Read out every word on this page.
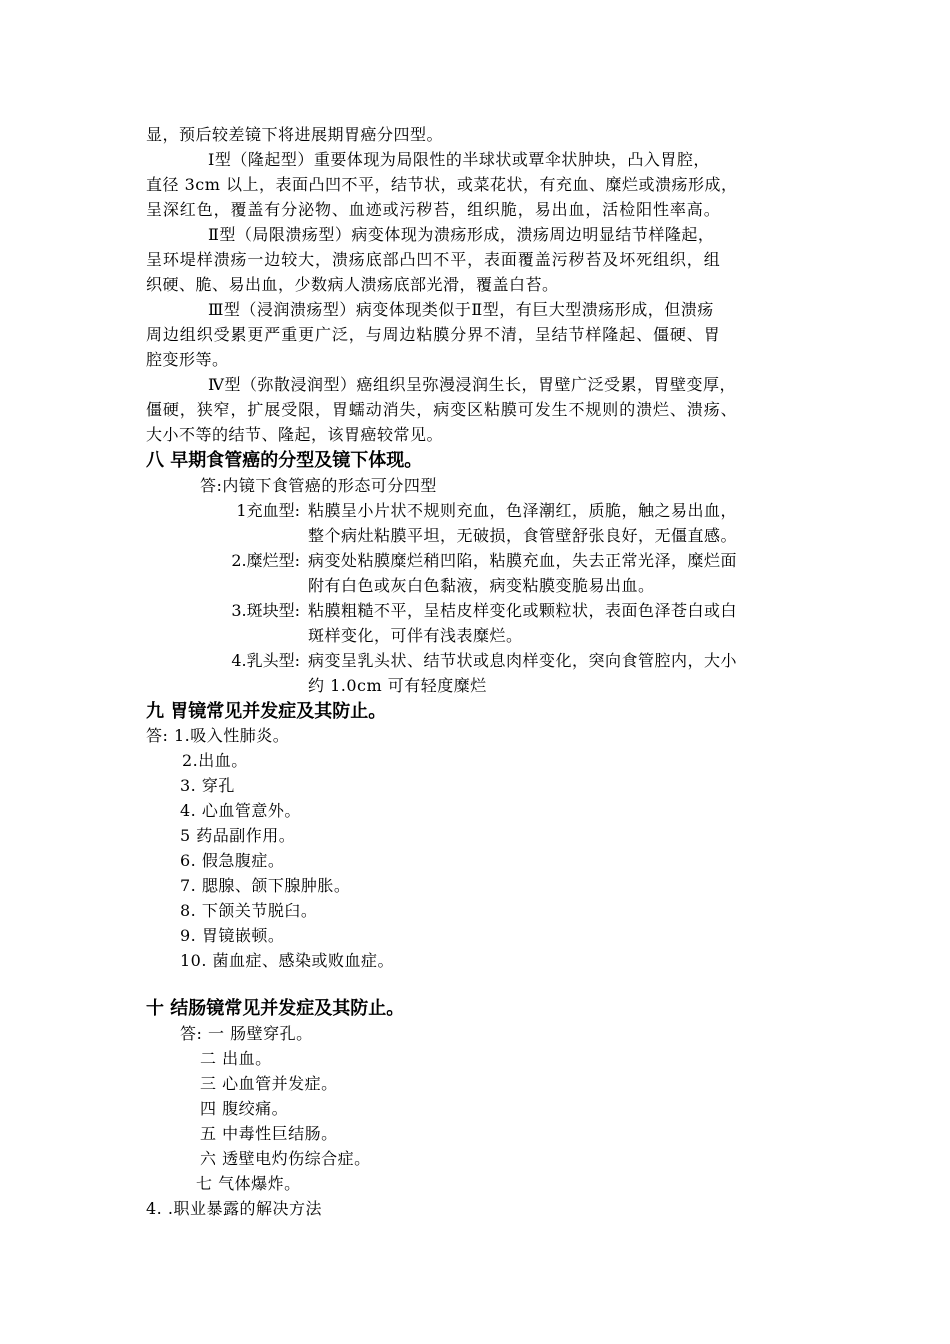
显，预后较差镜下将进展期胃癌分四型。
Ⅰ型（隆起型）重要体现为局限性的半球状或覃伞状肿块，凸入胃腔，
直径 3cm 以上，表面凸凹不平，结节状，或菜花状，有充血、糜烂或溃疡形成，
呈深红色，覆盖有分泌物、血迹或污秽苔，组织脆，易出血，活检阳性率高。
Ⅱ型（局限溃疡型）病变体现为溃疡形成，溃疡周边明显结节样隆起，
呈环堤样溃疡一边较大，溃疡底部凸凹不平，表面覆盖污秽苔及坏死组织，组
织硬、脆、易出血，少数病人溃疡底部光滑，覆盖白苔。
Ⅲ型（浸润溃疡型）病变体现类似于Ⅱ型，有巨大型溃疡形成，但溃疡
周边组织受累更严重更广泛，与周边粘膜分界不清，呈结节样隆起、僵硬、胃
腔变形等。
Ⅳ型（弥散浸润型）癌组织呈弥漫浸润生长，胃壁广泛受累，胃壁变厚，
僵硬，狭窄，扩展受限，胃蠕动消失，病变区粘膜可发生不规则的溃烂、溃疡、
大小不等的结节、隆起，该胃癌较常见。
八 早期食管癌的分型及镜下体现。
答:内镜下食管癌的形态可分四型
1充血型: 粘膜呈小片状不规则充血，色泽潮红，质脆，触之易出血，
整个病灶粘膜平坦，无破损，食管壁舒张良好，无僵直感。
2.糜烂型: 病变处粘膜糜烂稍凹陷，粘膜充血，失去正常光泽，糜烂面
附有白色或灰白色黏液，病变粘膜变脆易出血。
3.斑块型: 粘膜粗糙不平，呈桔皮样变化或颗粒状，表面色泽苍白或白
斑样变化，可伴有浅表糜烂。
4.乳头型: 病变呈乳头状、结节状或息肉样变化，突向食管腔内，大小
约 1.0cm 可有轻度糜烂
九 胃镜常见并发症及其防止。
答: 1.吸入性肺炎。
2.出血。
3. 穿孔
4. 心血管意外。
5 药品副作用。
6. 假急腹症。
7. 腮腺、颌下腺肿胀。
8. 下颌关节脱臼。
9. 胃镜嵌顿。
10. 菌血症、感染或败血症。
十 结肠镜常见并发症及其防止。
答: 一 肠壁穿孔。
二 出血。
三 心血管并发症。
四 腹绞痛。
五 中毒性巨结肠。
六 透壁电灼伤综合症。
七 气体爆炸。
4. .职业暴露的解决方法
